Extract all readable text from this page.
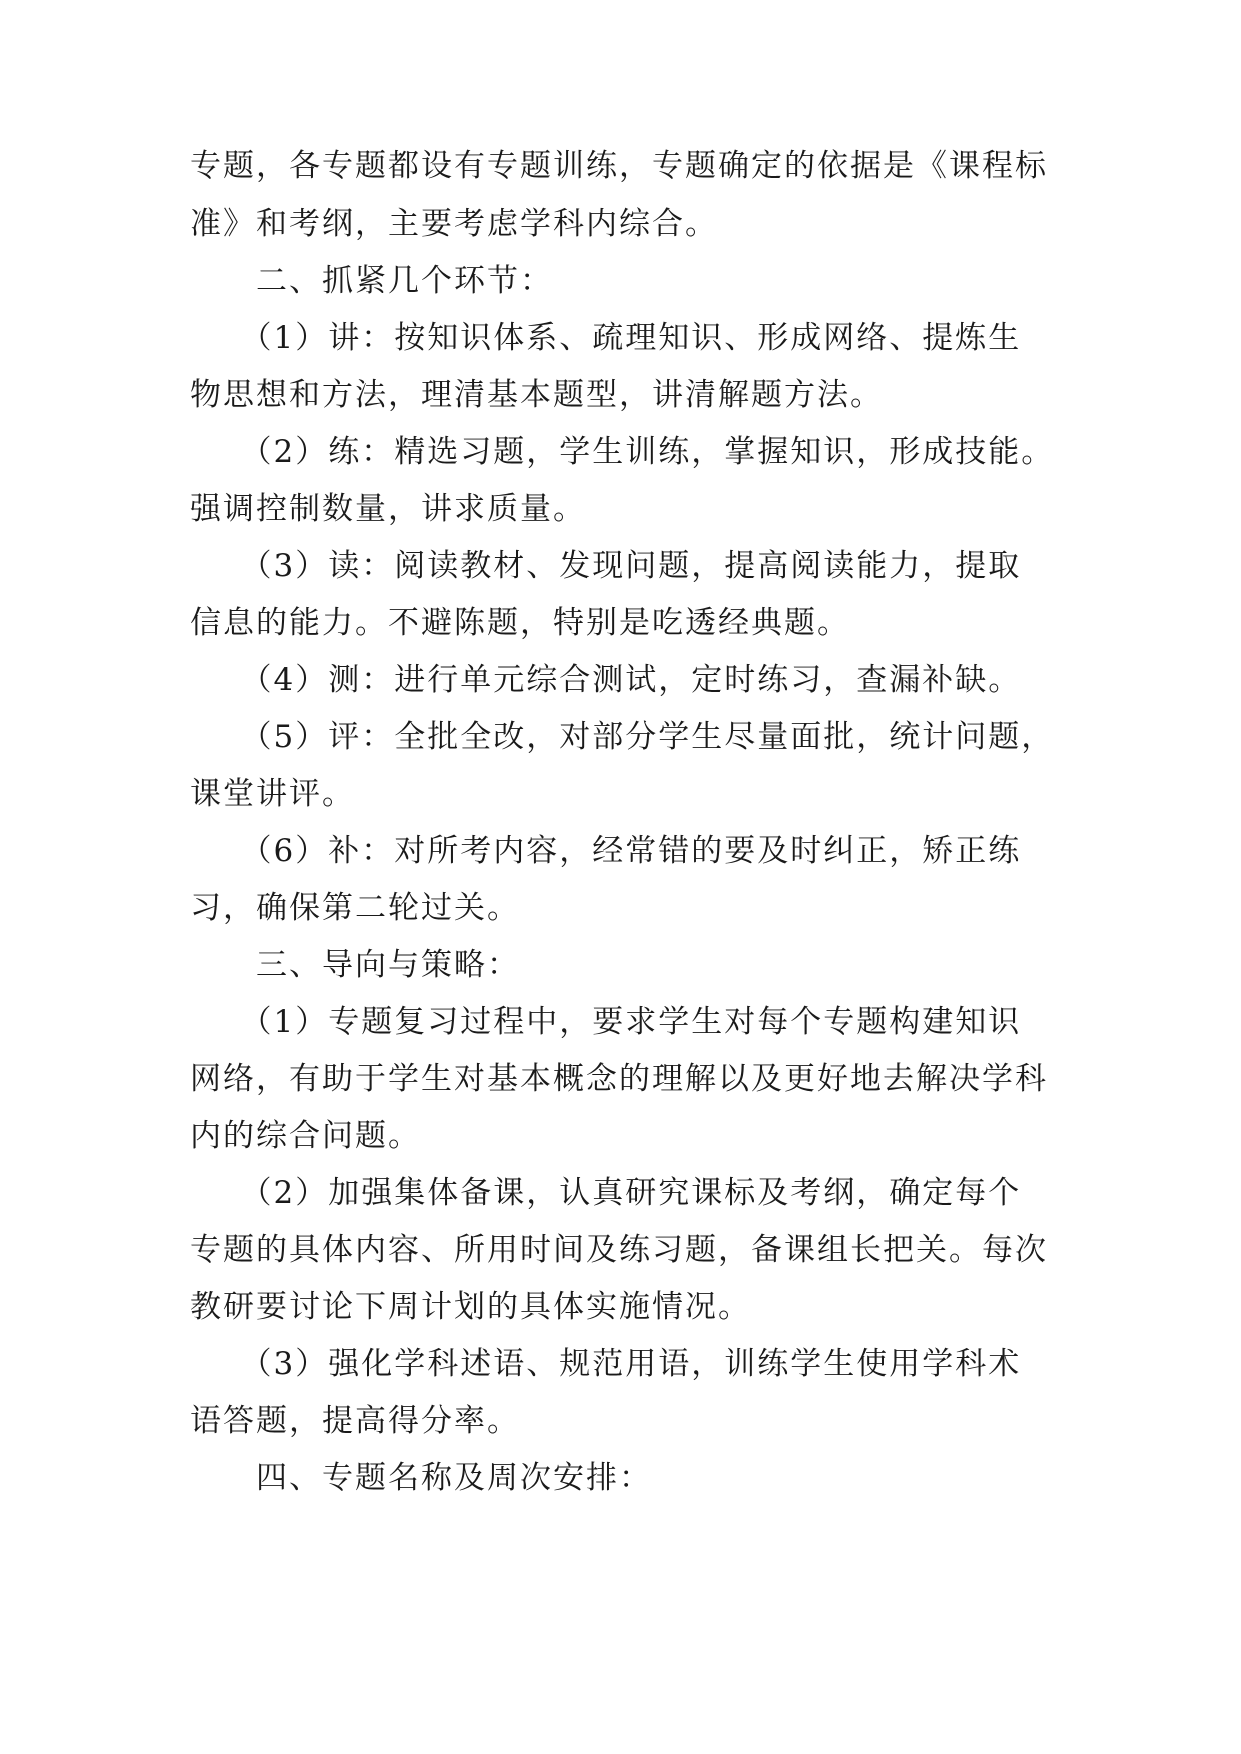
专题，各专题都设有专题训练，专题确定的依据是《课程标
准》和考纲，主要考虑学科内综合。
　　二、抓紧几个环节：
　　（1）讲：按知识体系、疏理知识、形成网络、提炼生
物思想和方法，理清基本题型，讲清解题方法。
　　（2）练：精选习题，学生训练，掌握知识，形成技能。
强调控制数量，讲求质量。
　　（3）读：阅读教材、发现问题，提高阅读能力，提取
信息的能力。不避陈题，特别是吃透经典题。
　　（4）测：进行单元综合测试，定时练习，查漏补缺。
　　（5）评：全批全改，对部分学生尽量面批，统计问题，
课堂讲评。
　　（6）补：对所考内容，经常错的要及时纠正，矫正练
习，确保第二轮过关。
　　三、导向与策略：
　　（1）专题复习过程中，要求学生对每个专题构建知识
网络，有助于学生对基本概念的理解以及更好地去解决学科
内的综合问题。
　　（2）加强集体备课，认真研究课标及考纲，确定每个
专题的具体内容、所用时间及练习题，备课组长把关。每次
教研要讨论下周计划的具体实施情况。
　　（3）强化学科述语、规范用语，训练学生使用学科术
语答题，提高得分率。
　　四、专题名称及周次安排：
